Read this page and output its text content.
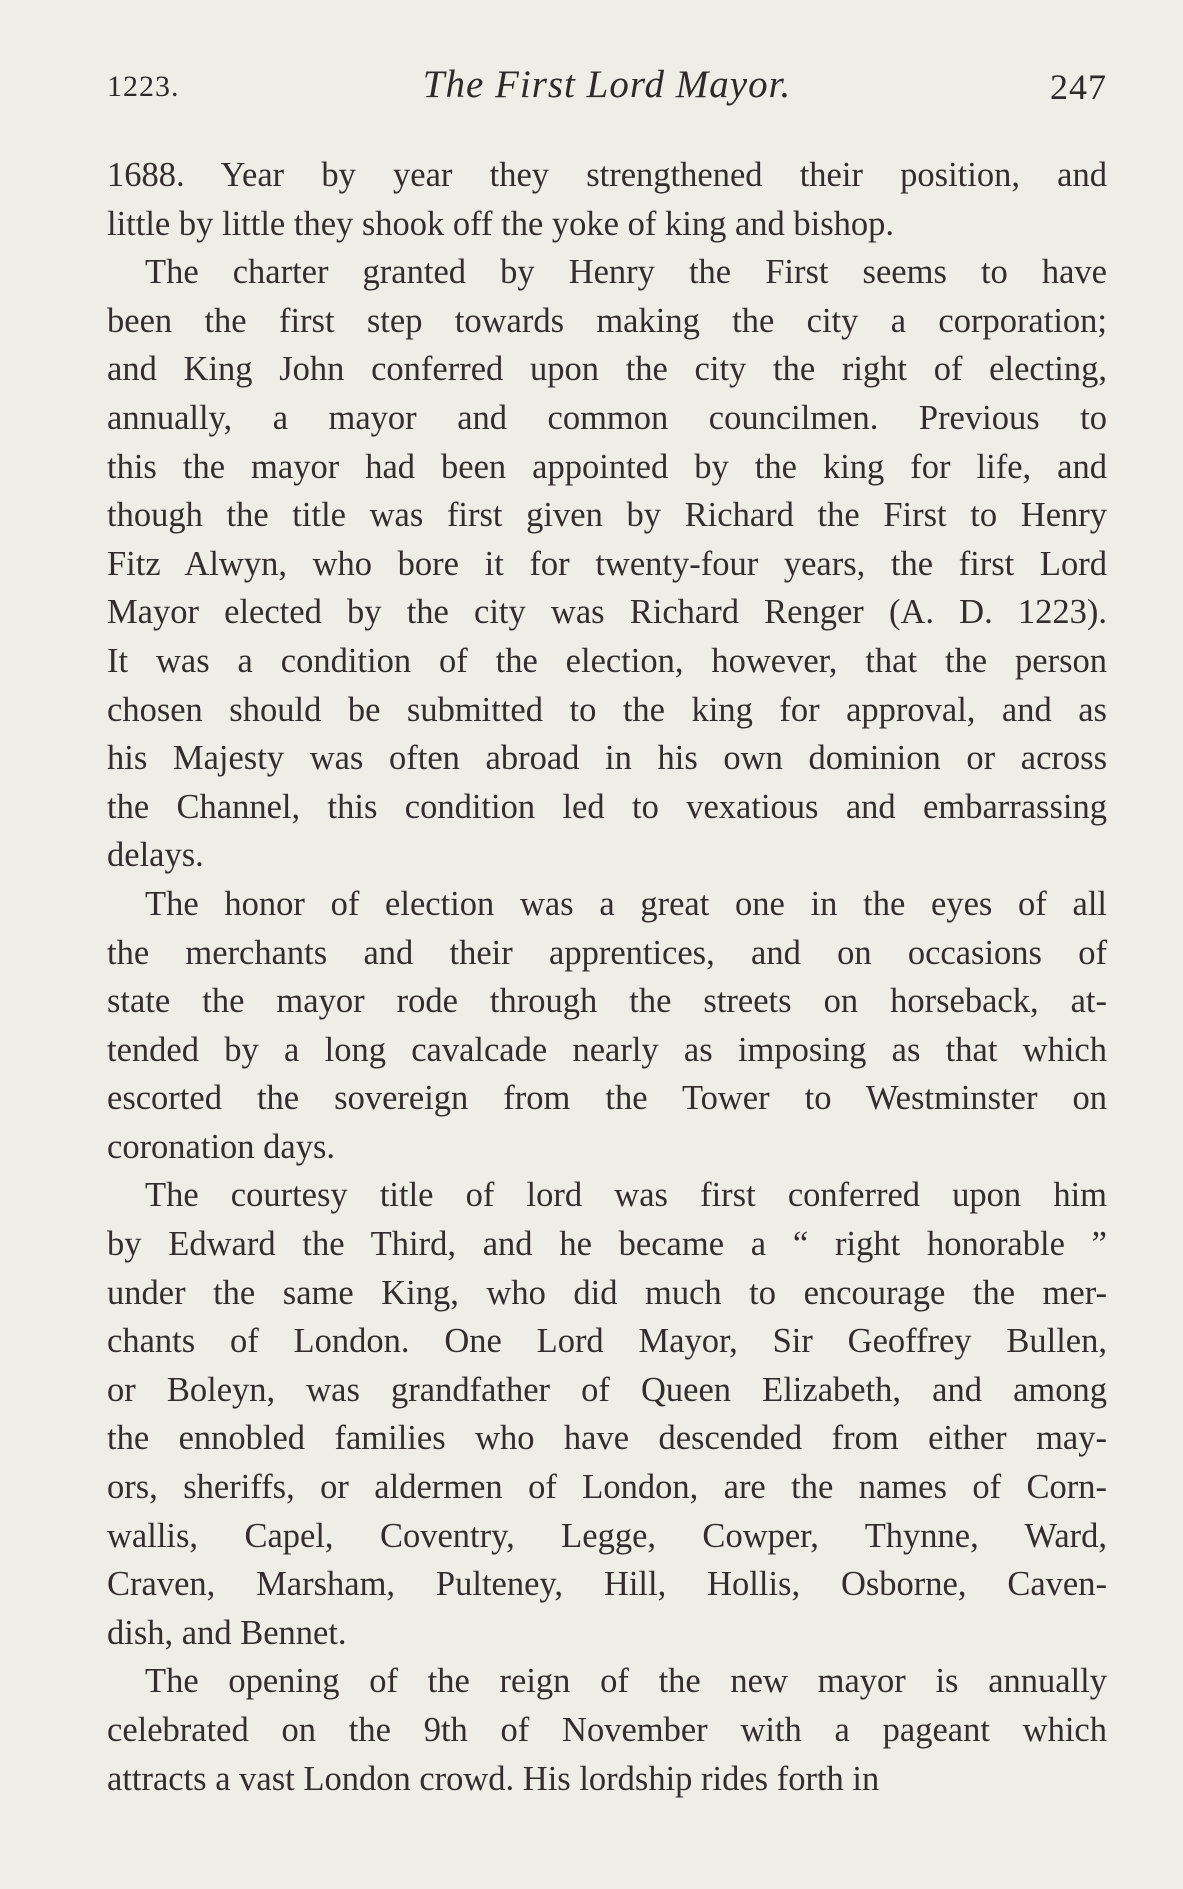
1223.	The First Lord Mayor.	247
1688. Year by year they strengthened their position, and
little by little they shook off the yoke of king and bishop.
The charter granted by Henry the First seems to have
been the first step towards making the city a corporation;
and King John conferred upon the city the right of electing,
annually, a mayor and common councilmen. Previous to
this the mayor had been appointed by the king for life, and
though the title was first given by Richard the First to Henry
Fitz Alwyn, who bore it for twenty-four years, the first Lord
Mayor elected by the city was Richard Renger (A. D. 1223).
It was a condition of the election, however, that the person
chosen should be submitted to the king for approval, and as
his Majesty was often abroad in his own dominion or across
the Channel, this condition led to vexatious and embarrassing
delays.
The honor of election was a great one in the eyes of all
the merchants and their apprentices, and on occasions of
state the mayor rode through the streets on horseback, at-
tended by a long cavalcade nearly as imposing as that which
escorted the sovereign from the Tower to Westminster on
coronation days.
The courtesy title of lord was first conferred upon him
by Edward the Third, and he became a “ right honorable ”
under the same King, who did much to encourage the mer-
chants of London. One Lord Mayor, Sir Geoffrey Bullen,
or Boleyn, was grandfather of Queen Elizabeth, and among
the ennobled families who have descended from either may-
ors, sheriffs, or aldermen of London, are the names of Corn-
wallis, Capel, Coventry, Legge, Cowper, Thynne, Ward,
Craven, Marsham, Pulteney, Hill, Hollis, Osborne, Caven-
dish, and Bennet.
The opening of the reign of the new mayor is annually
celebrated on the 9th of November with a pageant which
attracts a vast London crowd. His lordship rides forth in
